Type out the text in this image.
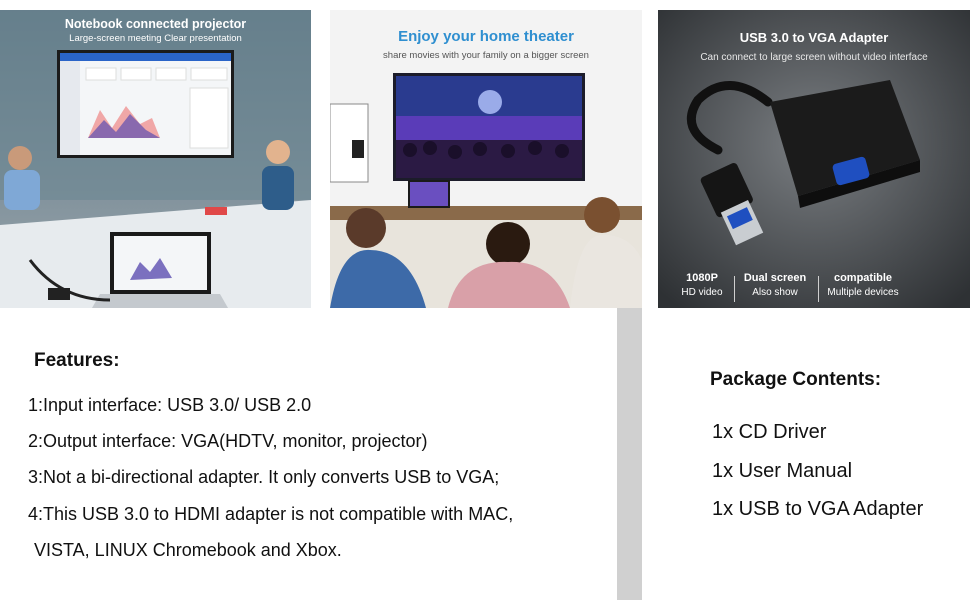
Notebook connected projector
Large-screen meeting Clear presentation	Enjoy your home theater
share movies with your family on a bigger screen
USB 3.0 to VGA Adapter
Can connect to large screen without video interface
1080P
HD video
Dual screen
Also show
compatible
Multiple devices
Features:
1:Input interface: USB 3.0/ USB 2.0
2:Output interface: VGA(HDTV, monitor, projector)
3:Not a bi-directional adapter. It only converts USB to VGA;
4:This USB 3.0 to HDMI adapter is not compatible with MAC,
VISTA, LINUX Chromebook and Xbox.
Package Contents:
1x CD Driver
1x User Manual
1x USB to VGA Adapter
